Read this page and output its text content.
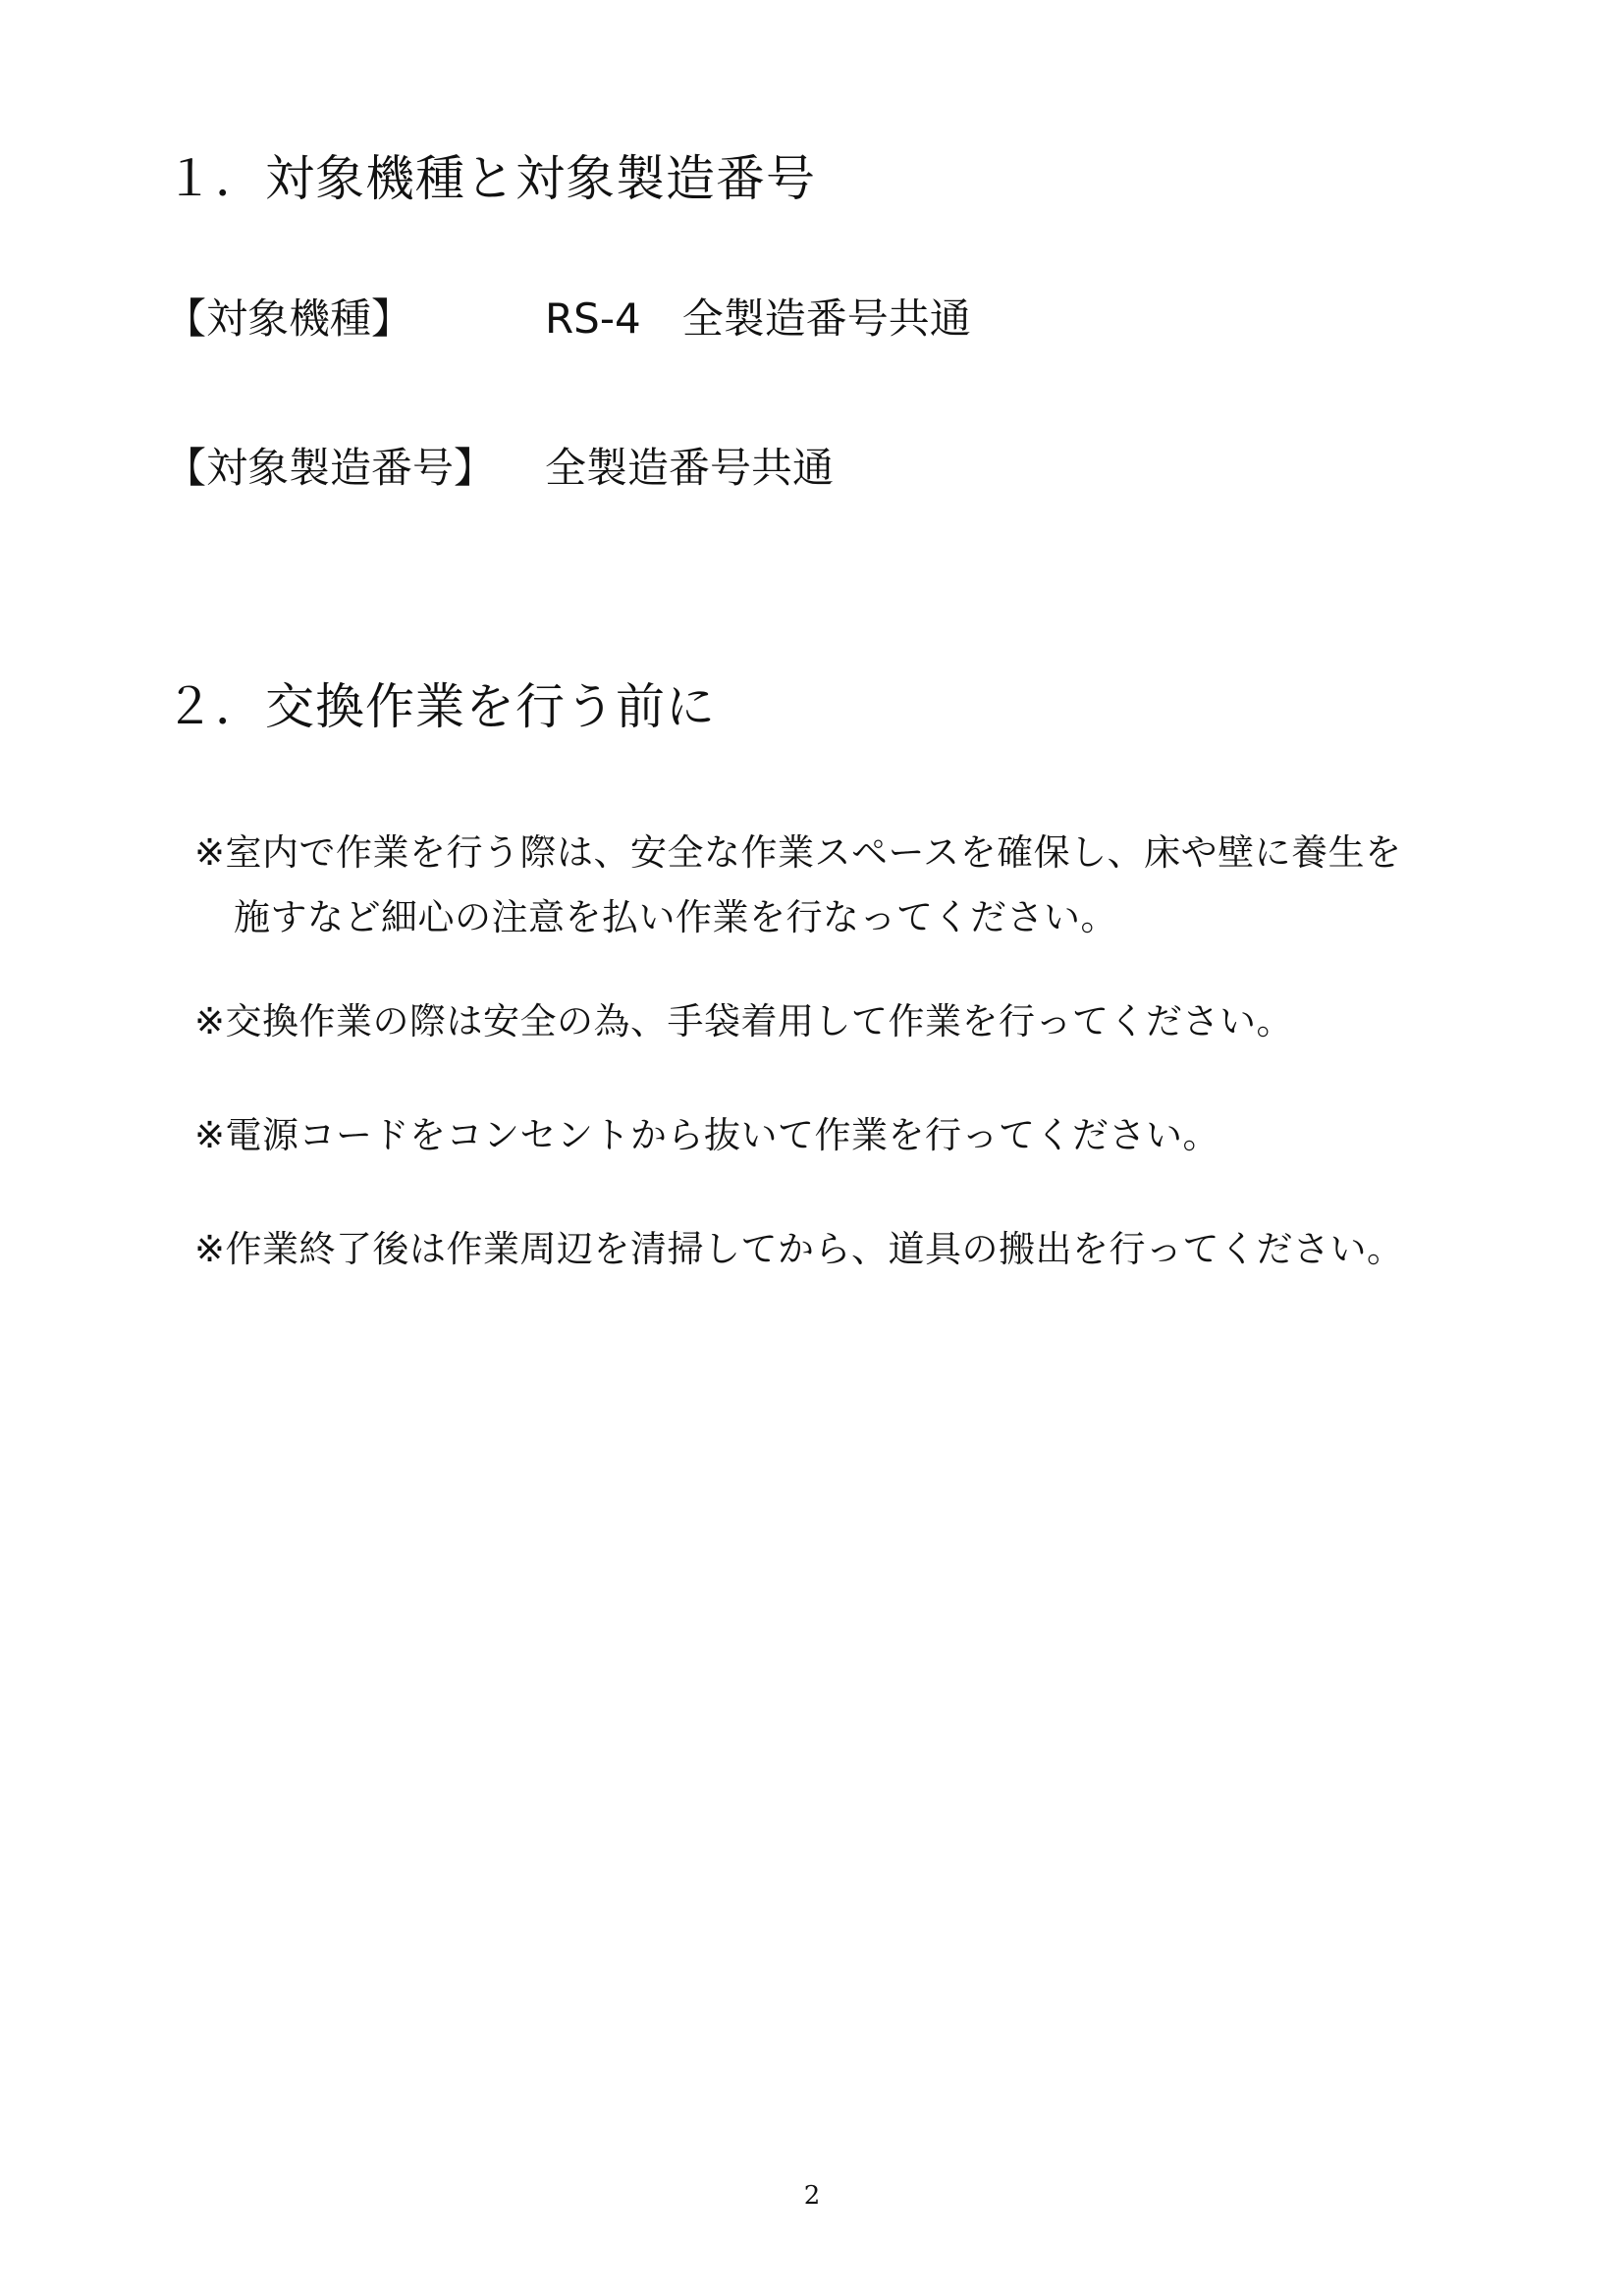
１．対象機種と対象製造番号
【対象機種】	RS-4　全製造番号共通
【対象製造番号】 全製造番号共通
２．交換作業を行う前に
※室内で作業を行う際は、安全な作業スペースを確保し、床や壁に養生を
施すなど細心の注意を払い作業を行なってください。
※交換作業の際は安全の為、手袋着用して作業を行ってください。
※電源コードをコンセントから抜いて作業を行ってください。
※作業終了後は作業周辺を清掃してから、道具の搬出を行ってください。
2
